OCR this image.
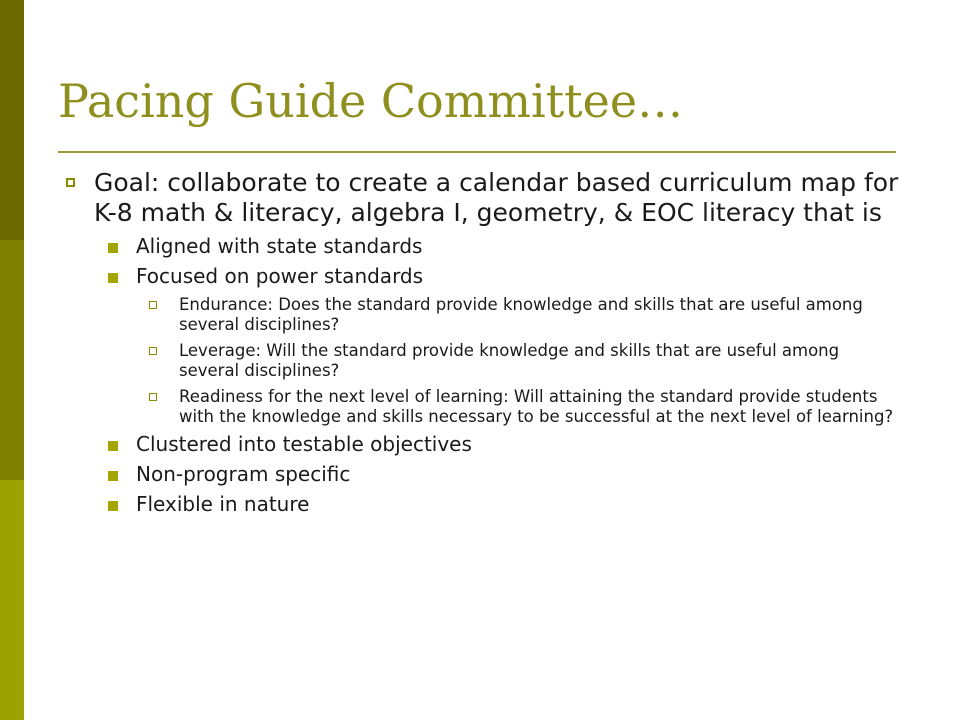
Pacing Guide Committee…
Goal: collaborate to create a calendar based curriculum map for K-8 math & literacy, algebra I, geometry, & EOC literacy that is
Aligned with state standards
Focused on power standards
Endurance: Does the standard provide knowledge and skills that are useful among several disciplines?
Leverage: Will the standard provide knowledge and skills that are useful among several disciplines?
Readiness for the next level of learning: Will attaining the standard provide students with the knowledge and skills necessary to be successful at the next level of learning?
Clustered into testable objectives
Non-program specific
Flexible in nature
